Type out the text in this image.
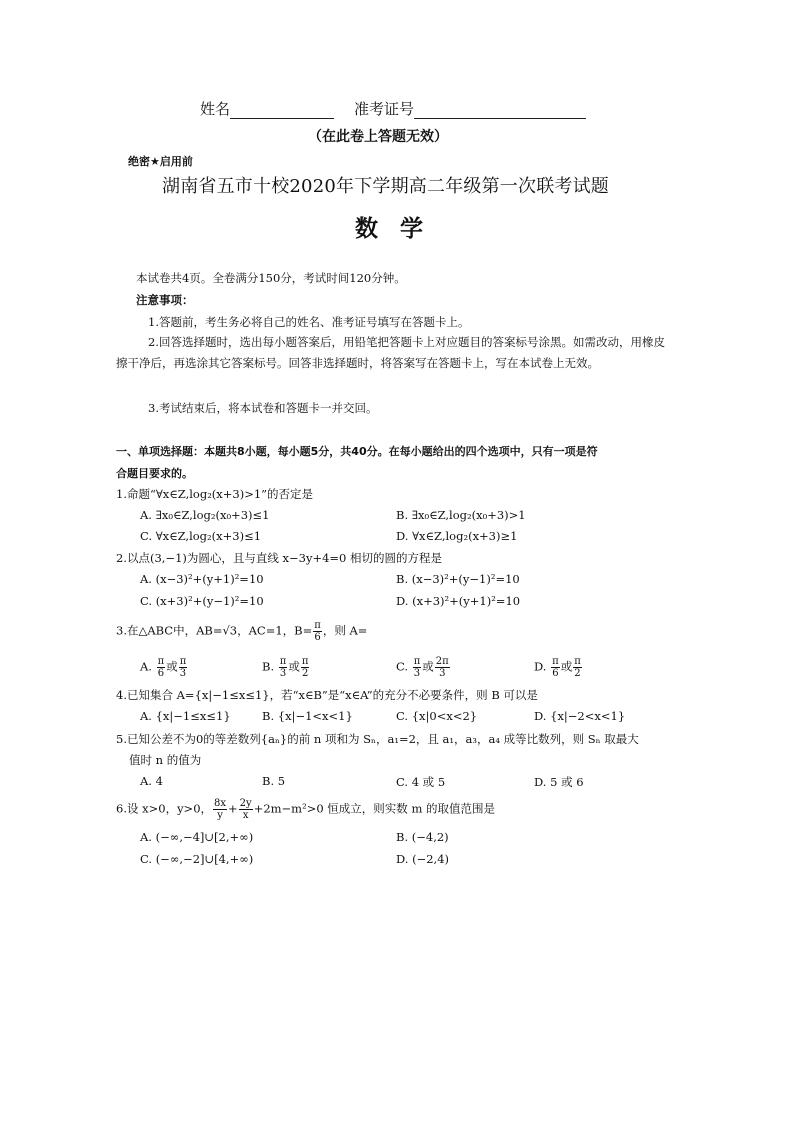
姓名	准考证号
（在此卷上答题无效）
绝密★启用前
湖南省五市十校2020年下学期高二年级第一次联考试题
数  学
本试卷共4页。全卷满分150分，考试时间120分钟。
注意事项：
1.答题前，考生务必将自己的姓名、准考证号填写在答题卡上。
2.回答选择题时，选出每小题答案后，用铅笔把答题卡上对应题目的答案标号涂黑。如需改动，用橡皮擦干净后，再选涂其它答案标号。回答非选择题时，将答案写在答题卡上，写在本试卷上无效。
3.考试结束后，将本试卷和答题卡一并交回。
一、单项选择题：本题共8小题，每小题5分，共40分。在每小题给出的四个选项中，只有一项是符
合题目要求的。
1.命题“∀x∈Z,log₂(x+3)>1”的否定是
A. ∃x₀∈Z,log₂(x₀+3)≤1	B. ∃x₀∈Z,log₂(x₀+3)>1
C. ∀x∈Z,log₂(x+3)≤1	D. ∀x∈Z,log₂(x+3)≥1
2.以点(3,−1)为圆心，且与直线 x−3y+4=0 相切的圆的方程是
A. (x−3)²+(y+1)²=10	B. (x−3)²+(y−1)²=10
C. (x+3)²+(y−1)²=10	D. (x+3)²+(y+1)²=10
3.在△ABC中，AB=√3，AC=1，$B= \frac{\pi}{6}$ ，则 A=
A. $\frac{\pi}{6}$ 或 $\frac{\pi}{3}$	B. $\frac{\pi}{3}$ 或 $\frac{\pi}{2}$	C. $\frac{\pi}{3}$ 或 $\frac{2\pi}{3}$	D. $\frac{\pi}{6}$ 或 $\frac{\pi}{2}$
4.已知集合 A={x|−1≤x≤1}，若“x∈B”是“x∈A”的充分不必要条件，则 B 可以是
A. {x|−1≤x≤1}	B. {x|−1<x<1}	C. {x|0<x<2}	D. {x|−2<x<1}
5.已知公差不为0的等差数列{aₙ}的前 n 项和为 Sₙ，a₁=2，且 a₁，a₃，a₄ 成等比数列，则 Sₙ 取最大
值时 n 的值为
A. 4	B. 5	C. 4 或 5	D. 5 或 6
6.设 x>0，y>0， $\frac{8x}{y} + \frac{2y}{x} +2m-m^2>0$ 恒成立，则实数 m 的取值范围是
A. (−∞,−4]∪[2,+∞)	B. (−4,2)
C. (−∞,−2]∪[4,+∞)	D. (−2,4)
